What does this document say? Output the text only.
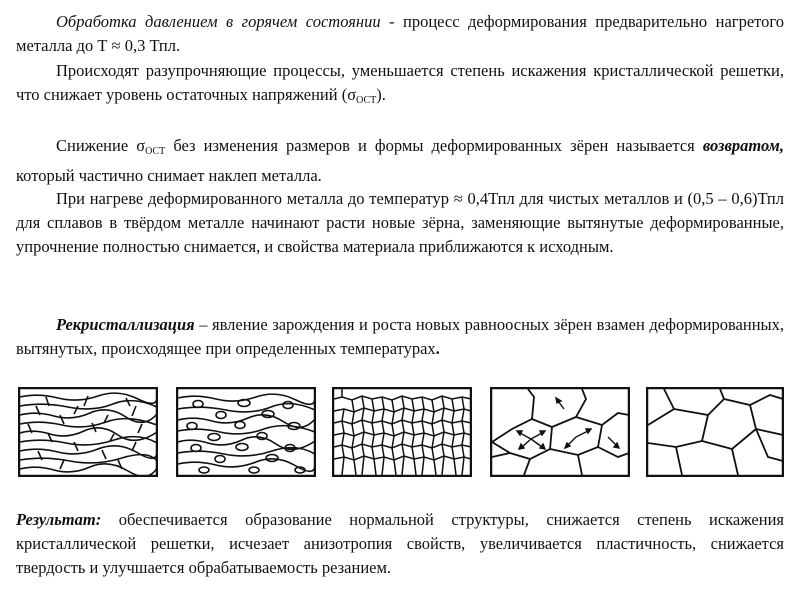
Обработка давлением в горячем состоянии - процесс деформирования предварительно нагретого металла до Т ≈ 0,3 Тпл.

Происходят разупрочняющие процессы, уменьшается степень искажения кристаллической решетки, что снижает уровень остаточных напряжений $(\sigma_{ОСТ})$.

Снижение $\sigma_{ОСТ}$ без изменения размеров и формы деформированных зёрен называется возвратом, который частично снимает наклеп металла.

При нагреве деформированного металла до температур ≈ 0,4Тпл для чистых металлов и (0,5 – 0,6)Тпл для сплавов в твёрдом металле начинают расти новые зёрна, заменяющие вытянутые деформированные, упрочнение полностью снимается, и свойства материала приближаются к исходным.

Рекристаллизация – явление зарождения и роста новых равноосных зёрен взамен деформированных, вытянутых, происходящее при определенных температурах.

Результат: обеспечивается образование нормальной структуры, снижается степень искажения кристаллической решетки, исчезает анизотропия свойств, увеличивается пластичность, снижается твердость и улучшается обрабатываемость резанием.
